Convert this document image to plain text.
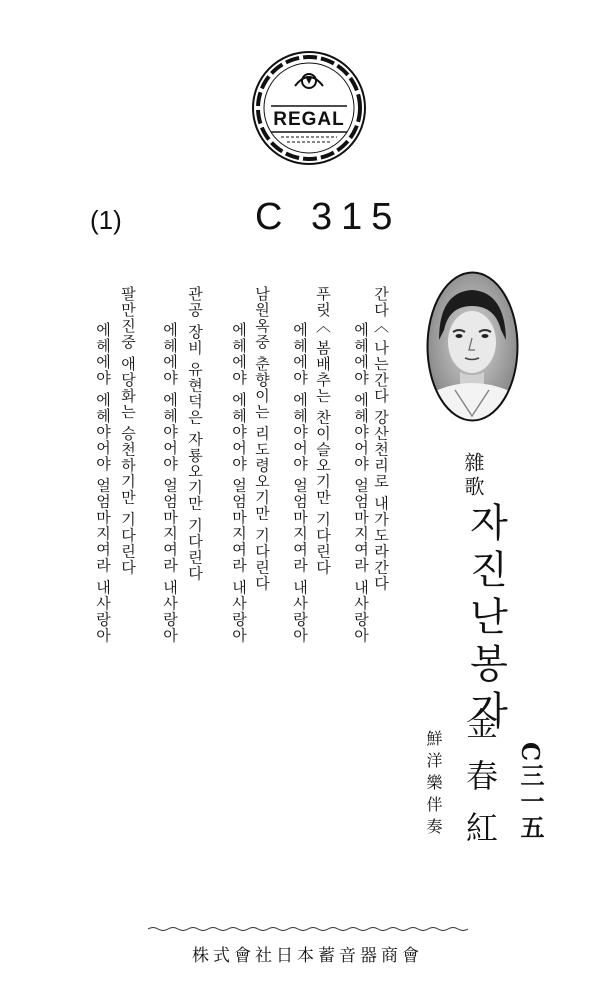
REGAL
(1)	C 315
간다〈 나는간다 강산천리로 내가도라간다
에헤에야 에헤야어야 얼엄마지여라 내사랑아
푸릿〈 봄배추는 찬이슬오기만 기다린다
에헤에야 에헤야어야 얼엄마지여라 내사랑아
남원옥중 춘향이는 리도령오기만 기다린다
에헤에야 에헤야어야 얼엄마지여라 내사랑아
관공 장비 유현덕은 자룡오기만 기다린다
에헤에야 에헤야어야 얼엄마지여라 내사랑아
팔만진중 애당화는 승천하기만 기다린다
에헤에야 에헤야어야 얼엄마지여라 내사랑아	雜歌
자진난봉가
金春紅
鮮洋樂伴奏	C三一五
株式會社日本蓄音器商會
